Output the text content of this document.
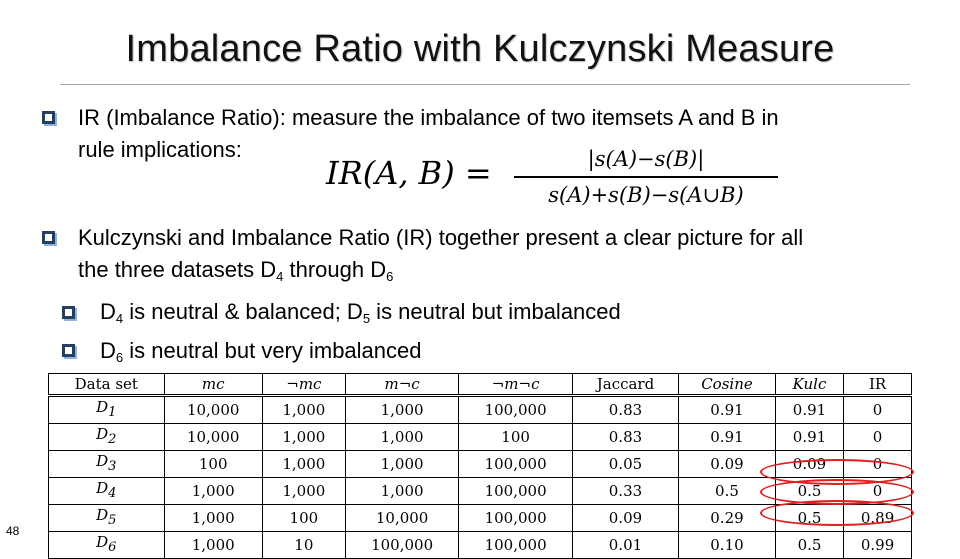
Imbalance Ratio with Kulczynski Measure
IR (Imbalance Ratio): measure the imbalance of two itemsets A and B in
rule implications:
IR(A, B) =	|s(A)−s(B)|
s(A)+s(B)−s(A∪B)
Kulczynski and Imbalance Ratio (IR) together present a clear picture for all
the three datasets $D_4$ through $D_6$
$D_4$ is neutral & balanced; $D_5$ is neutral but imbalanced
$D_6$ is neutral but very imbalanced
Data set	mc	¬mc	m¬c	¬m¬c	Jaccard	Cosine	Kulc	IR
$D_1$	10,000	1,000	1,000	100,000	0.83	0.91	0.91	0
$D_2$	10,000	1,000	1,000	100	0.83	0.91	0.91	0
$D_3$	100	1,000	1,000	100,000	0.05	0.09	0.09	0
$D_4$	1,000	1,000	1,000	100,000	0.33	0.5	0.5	0
$D_5$	1,000	100	10,000	100,000	0.09	0.29	0.5	0.89
$D_6$	1,000	10	100,000	100,000	0.01	0.10	0.5	0.99
48
